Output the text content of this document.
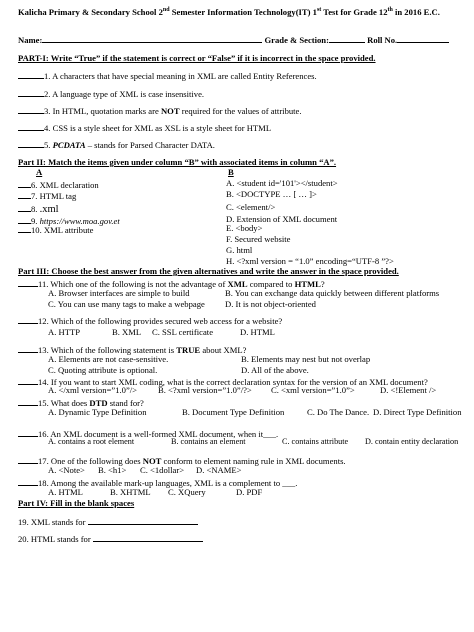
Kalicha Primary & Secondary School 2nd Semester Information Technology(IT) 1st Test for Grade 12th in 2016 E.C.
Name:	Grade & Section:	Roll No.
PART-I: Write “True” if the statement is correct or “False” if it is incorrect in the space provided.
1. A characters that have special meaning in XML are called Entity References.
2. A language type of XML is case insensitive.
3. In HTML, quotation marks are NOT required for the values of attribute.
4. CSS is a style sheet for XML as XSL is a style sheet for HTML
5. PCDATA – stands for Parsed Character DATA.
Part II: Match the items given under column “B” with associated items in column “A”.
A	B
6. XML declaration
7. HTML tag
8. .xml
9. https://www.moa.gov.et
10. XML attribute
A. <student id='101'></student>
B. <DOCTYPE … [ … ]>
C. <element/>
D. Extension of XML document
E. <body>
F. Secured website
G. html
H. <?xml version = “1.0” encoding=“UTF-8 ”?>
Part III: Choose the best answer from the given alternatives and write the answer in the space provided.
11. Which one of the following is not the advantage of XML compared to HTML?
A. Browser interfaces are simple to build	B. You can exchange data quickly between different platforms
C. You can use many tags to make a webpage D. It is not object-oriented
12. Which of the following provides secured web access for a website?
A. HTTP	B. XML C. SSL certificate	D. HTML
13. Which of the following statement is TRUE about XML?
A. Elements are not case-sensitive.	B. Elements may nest but not overlap
C. Quoting attribute is optional.	D. All of the above.
14. If you want to start XML coding, what is the correct declaration syntax for the version of an XML document?
A. </xml version=”1.0”/> B. <?xml version=”1.0”/?> C. <xml version=”1.0”>	D. <!Element />
15. What does DTD stand for?
A. Dynamic Type Definition	B. Document Type Definition	C. Do The Dance. D. Direct Type Definition
16. An XML document is a well-formed XML document, when it___.
A. contains a root element	B. contains an element	C. contains attribute D. contain entity declaration
17. One of the following does NOT conform to element naming rule in XML documents.
A. <Note> B. <h1> C. <1dollar> D. <NAME>
18. Among the available mark-up languages, XML is a complement to ___.
A. HTML	B. XHTML C. XQuery	D. PDF
Part IV: Fill in the blank spaces
19. XML stands for
20. HTML stands for
